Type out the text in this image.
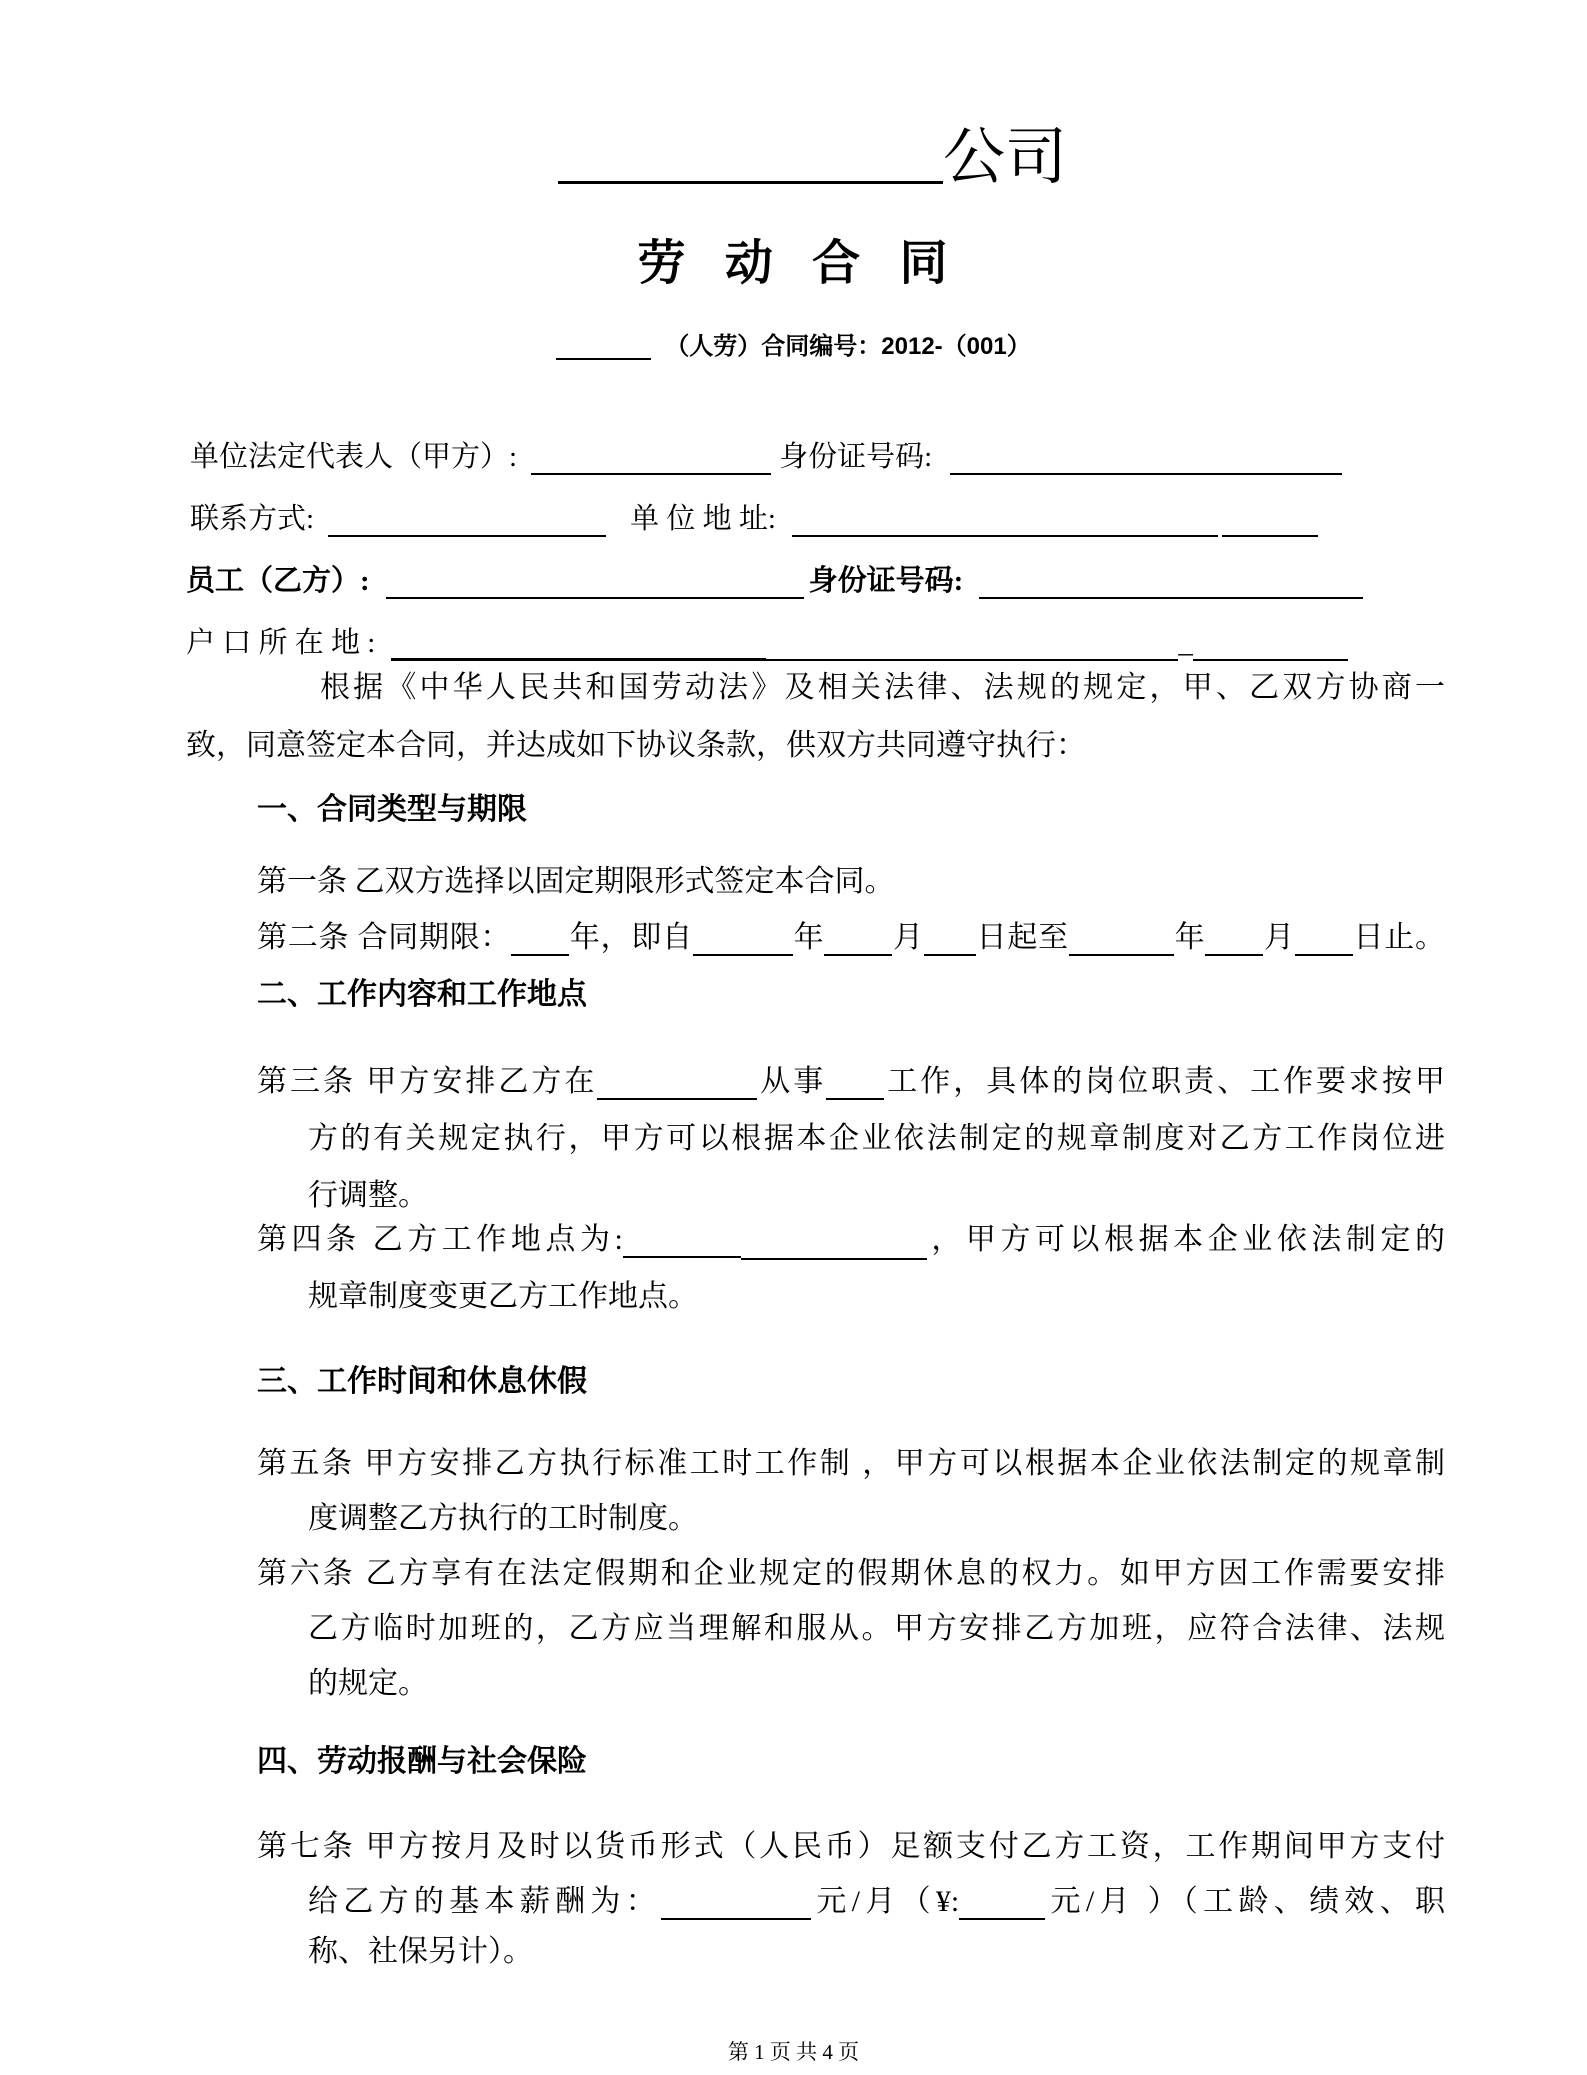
公司
劳 动 合 同
（人劳）合同编号：2012-（001）
单位法定代表人（甲方）:	身份证号码:
联系方式:	单 位 地 址:
员工（乙方）:	身份证号码:
户 口 所 在 地 :	_
根据《中华人民共和国劳动法》及相关法律、法规的规定，甲、乙双方协商一
致，同意签定本合同，并达成如下协议条款，供双方共同遵守执行：
一、合同类型与期限
第一条 乙双方选择以固定期限形式签定本合同。
第二条 合同期限： 年，即自	年 月 日起至	年 月 日止。
二、工作内容和工作地点
第三条 甲方安排乙方在	从事 工作，具体的岗位职责、工作要求按甲
方的有关规定执行，甲方可以根据本企业依法制定的规章制度对乙方工作岗位进
行调整。
第四条 乙方工作地点为:	，甲方可以根据本企业依法制定的
规章制度变更乙方工作地点。
三、工作时间和休息休假
第五条 甲方安排乙方执行标准工时工作制 ，甲方可以根据本企业依法制定的规章制
度调整乙方执行的工时制度。
第六条 乙方享有在法定假期和企业规定的假期休息的权力。如甲方因工作需要安排
乙方临时加班的，乙方应当理解和服从。甲方安排乙方加班，应符合法律、法规
的规定。
四、劳动报酬与社会保险
第七条 甲方按月及时以货币形式（人民币）足额支付乙方工资，工作期间甲方支付
给乙方的基本薪酬为：	元/月（¥:	元/月 ）（工龄、绩效、职
称、社保另计）。
第 1 页 共 4 页
